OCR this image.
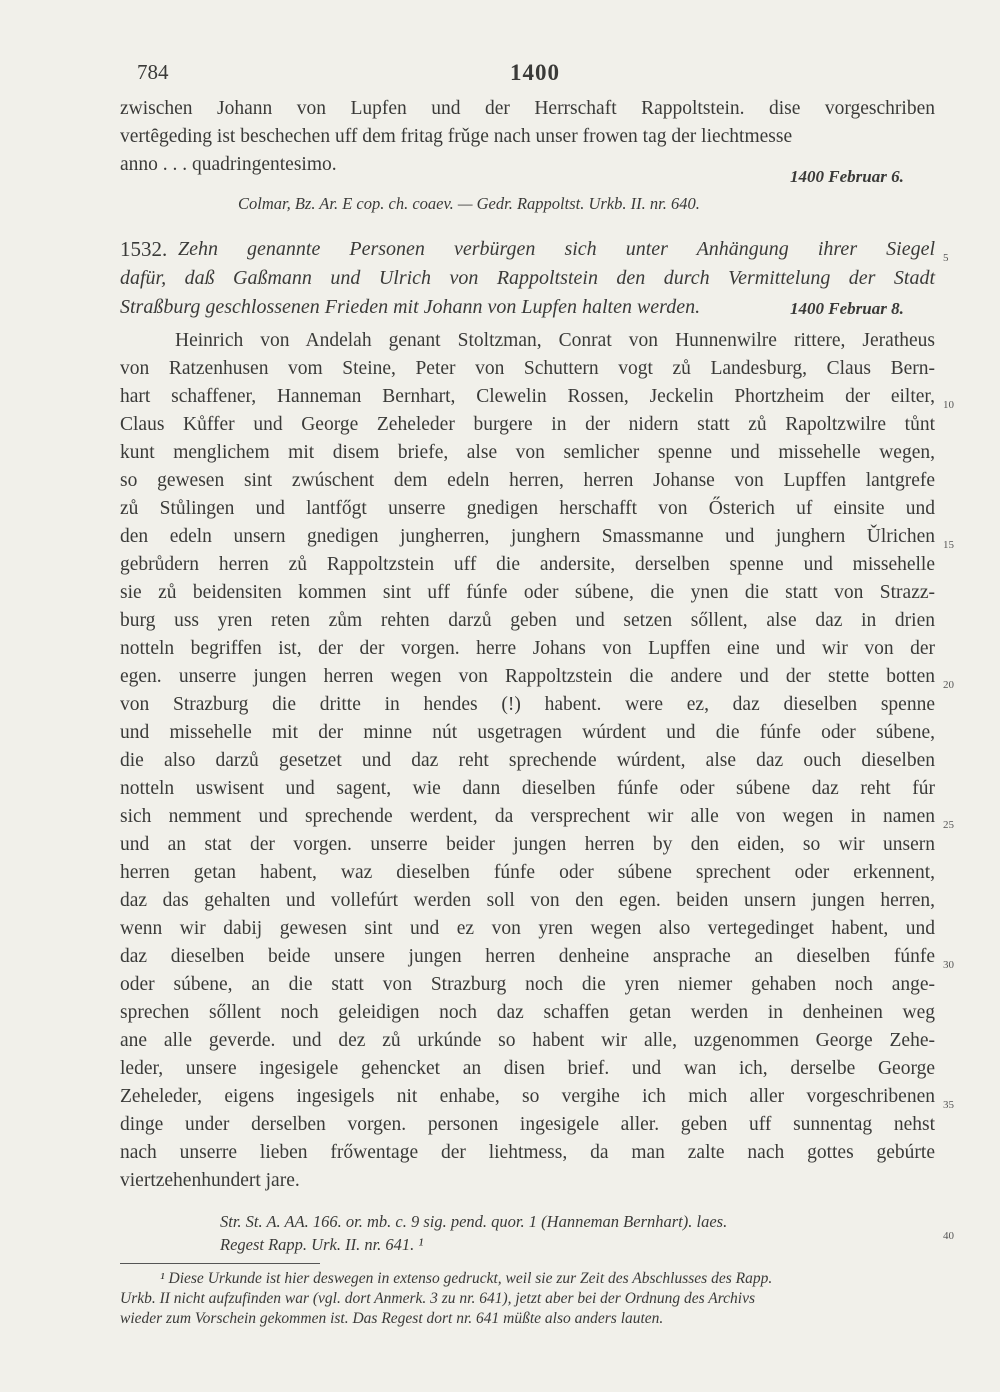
784	1400
zwischen Johann von Lupfen und der Herrschaft Rappoltstein. dise vorgeschriben
vertȇgeding ist beschechen uff dem fritag frǔge nach unser frowen tag der liechtmesse
anno . . . quadringentesimo.
1400 Februar 6.
Colmar, Bz. Ar. E cop. ch. coaev. — Gedr. Rappoltst. Urkb. II. nr. 640.
1532. Zehn genannte Personen verbürgen sich unter Anhängung ihrer Siegel
dafür, daß Gaßmann und Ulrich von Rappoltstein den durch Vermittelung der Stadt
Straßburg geschlossenen Frieden mit Johann von Lupfen halten werden.	1400 Februar 8.
Heinrich von Andelah genant Stoltzman, Conrat von Hunnenwilre rittere, Jeratheus
von Ratzenhusen vom Steine, Peter von Schuttern vogt zů Landesburg, Claus Bern-
hart schaffener, Hanneman Bernhart, Clewelin Rossen, Jeckelin Phortzheim der eilter,
Claus Kůffer und George Zeheleder burgere in der nidern statt zů Rapoltzwilre tůnt
kunt menglichem mit disem briefe, alse von semlicher spenne und missehelle wegen,
so gewesen sint zwúschent dem edeln herren, herren Johanse von Lupffen lantgrefe
zů Stůlingen und lantfőgt unserre gnedigen herschafft von Ősterich uf einsite und
den edeln unsern gnedigen jungherren, junghern Smassmanne und junghern Ǔlrichen
gebrůdern herren zů Rappoltzstein uff die andersite, derselben spenne und missehelle
sie zů beidensiten kommen sint uff fúnfe oder súbene, die ynen die statt von Strazz-
burg uss yren reten zům rehten darzů geben und setzen sőllent, alse daz in drien
notteln begriffen ist, der der vorgen. herre Johans von Lupffen eine und wir von der
egen. unserre jungen herren wegen von Rappoltzstein die andere und der stette botten
von Strazburg die dritte in hendes (!) habent. were ez, daz dieselben spenne
und missehelle mit der minne nút usgetragen wúrdent und die fúnfe oder súbene,
die also darzů gesetzet und daz reht sprechende wúrdent, alse daz ouch dieselben
notteln uswisent und sagent, wie dann dieselben fúnfe oder súbene daz reht fúr
sich nemment und sprechende werdent, da versprechent wir alle von wegen in namen
und an stat der vorgen. unserre beider jungen herren by den eiden, so wir unsern
herren getan habent, waz dieselben fúnfe oder súbene sprechent oder erkennent,
daz das gehalten und vollefúrt werden soll von den egen. beiden unsern jungen herren,
wenn wir dabij gewesen sint und ez von yren wegen also vertegedinget habent, und
daz dieselben beide unsere jungen herren denheine ansprache an dieselben fúnfe
oder súbene, an die statt von Strazburg noch die yren niemer gehaben noch ange-
sprechen sőllent noch geleidigen noch daz schaffen getan werden in denheinen weg
ane alle geverde. und dez zů urkúnde so habent wir alle, uzgenommen George Zehe-
leder, unsere ingesigele gehencket an disen brief. und wan ich, derselbe George
Zeheleder, eigens ingesigels nit enhabe, so vergihe ich mich aller vorgeschribenen
dinge under derselben vorgen. personen ingesigele aller. geben uff sunnentag nehst
nach unserre lieben frőwentage der liehtmess, da man zalte nach gottes gebúrte
viertzehenhundert jare.
Str. St. A. AA. 166. or. mb. c. 9 sig. pend. quor. 1 (Hanneman Bernhart). laes.
Regest Rapp. Urk. II. nr. 641. ¹
5
10
15
20
25
30
35
40
¹ Diese Urkunde ist hier deswegen in extenso gedruckt, weil sie zur Zeit des Abschlusses des Rapp.
Urkb. II nicht aufzufinden war (vgl. dort Anmerk. 3 zu nr. 641), jetzt aber bei der Ordnung des Archivs
wieder zum Vorschein gekommen ist. Das Regest dort nr. 641 müßte also anders lauten.
